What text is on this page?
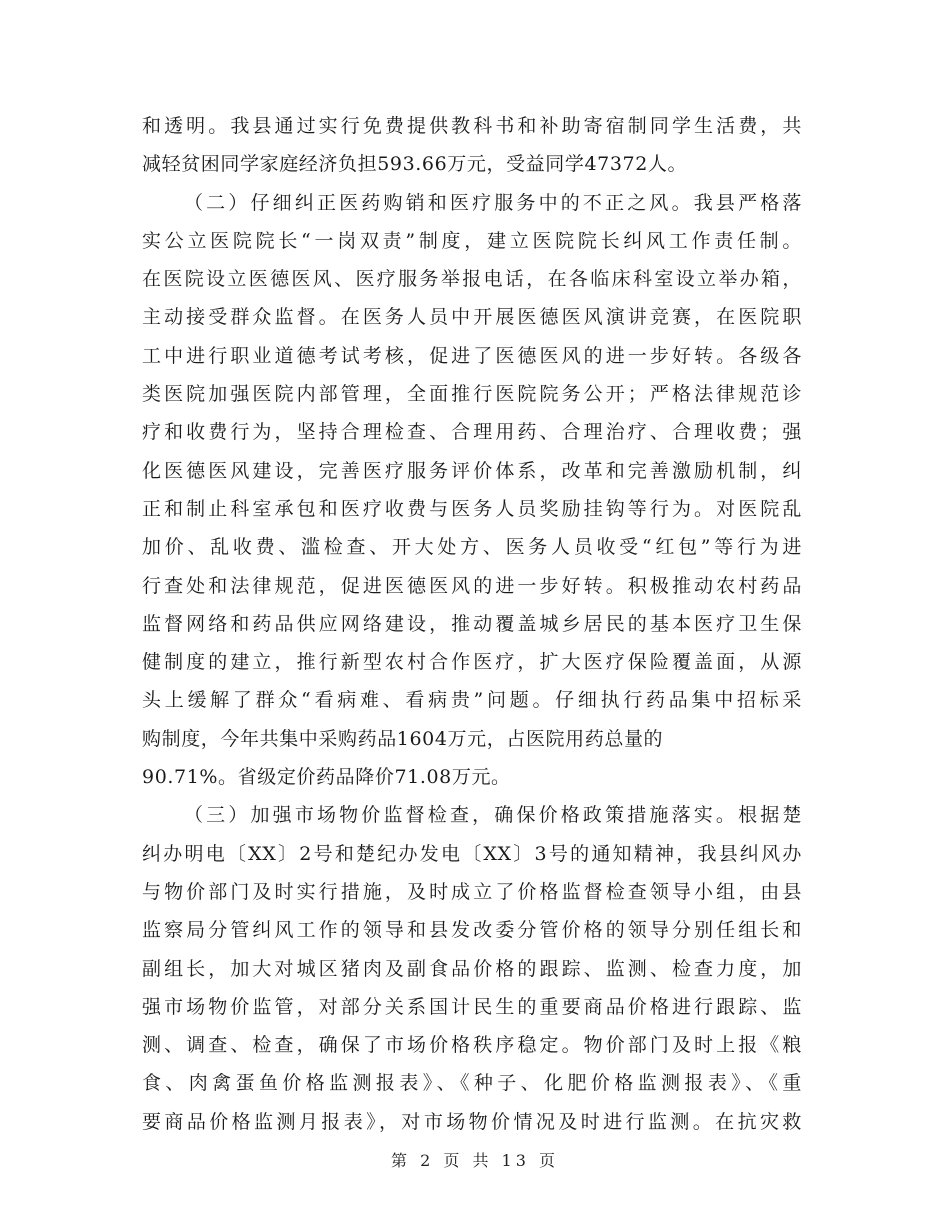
和透明。我县通过实行免费提供教科书和补助寄宿制同学生活费，共
减轻贫困同学家庭经济负担593.66万元，受益同学47372人。
（二）仔细纠正医药购销和医疗服务中的不正之风。我县严格落
实公立医院院长“一岗双责”制度，建立医院院长纠风工作责任制。
在医院设立医德医风、医疗服务举报电话，在各临床科室设立举办箱，
主动接受群众监督。在医务人员中开展医德医风演讲竞赛，在医院职
工中进行职业道德考试考核，促进了医德医风的进一步好转。各级各
类医院加强医院内部管理，全面推行医院院务公开；严格法律规范诊
疗和收费行为，坚持合理检查、合理用药、合理治疗、合理收费；强
化医德医风建设，完善医疗服务评价体系，改革和完善激励机制，纠
正和制止科室承包和医疗收费与医务人员奖励挂钩等行为。对医院乱
加价、乱收费、滥检查、开大处方、医务人员收受“红包”等行为进
行查处和法律规范，促进医德医风的进一步好转。积极推动农村药品
监督网络和药品供应网络建设，推动覆盖城乡居民的基本医疗卫生保
健制度的建立，推行新型农村合作医疗，扩大医疗保险覆盖面，从源
头上缓解了群众“看病难、看病贵”问题。仔细执行药品集中招标采
购制度，今年共集中采购药品1604万元，占医院用药总量的
90.71%。省级定价药品降价71.08万元。
（三）加强市场物价监督检查，确保价格政策措施落实。根据楚
纠办明电〔XX〕2号和楚纪办发电〔XX〕3号的通知精神，我县纠风办
与物价部门及时实行措施，及时成立了价格监督检查领导小组，由县
监察局分管纠风工作的领导和县发改委分管价格的领导分别任组长和
副组长，加大对城区猪肉及副食品价格的跟踪、监测、检查力度，加
强市场物价监管，对部分关系国计民生的重要商品价格进行跟踪、监
测、调查、检查，确保了市场价格秩序稳定。物价部门及时上报《粮
食、肉禽蛋鱼价格监测报表》、《种子、化肥价格监测报表》、《重
要商品价格监测月报表》，对市场物价情况及时进行监测。在抗灾救
第 2 页 共 13 页
